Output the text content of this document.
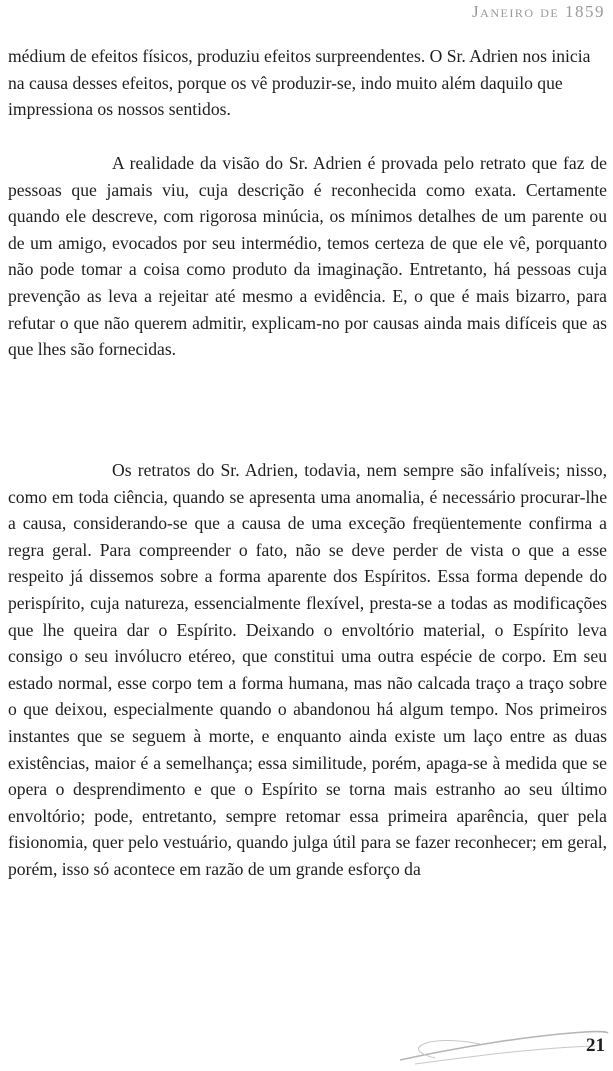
Janeiro de 1859
médium de efeitos físicos, produziu efeitos surpreendentes. O Sr. Adrien nos inicia na causa desses efeitos, porque os vê produzir-se, indo muito além daquilo que impressiona os nossos sentidos.
A realidade da visão do Sr. Adrien é provada pelo retrato que faz de pessoas que jamais viu, cuja descrição é reconhecida como exata. Certamente quando ele descreve, com rigorosa minúcia, os mínimos detalhes de um parente ou de um amigo, evocados por seu intermédio, temos certeza de que ele vê, porquanto não pode tomar a coisa como produto da imaginação. Entretanto, há pessoas cuja prevenção as leva a rejeitar até mesmo a evidência. E, o que é mais bizarro, para refutar o que não querem admitir, explicam-no por causas ainda mais difíceis que as que lhes são fornecidas.
Os retratos do Sr. Adrien, todavia, nem sempre são infalíveis; nisso, como em toda ciência, quando se apresenta uma anomalia, é necessário procurar-lhe a causa, considerando-se que a causa de uma exceção freqüentemente confirma a regra geral. Para compreender o fato, não se deve perder de vista o que a esse respeito já dissemos sobre a forma aparente dos Espíritos. Essa forma depende do perispírito, cuja natureza, essencialmente flexível, presta-se a todas as modificações que lhe queira dar o Espírito. Deixando o envoltório material, o Espírito leva consigo o seu invólucro etéreo, que constitui uma outra espécie de corpo. Em seu estado normal, esse corpo tem a forma humana, mas não calcada traço a traço sobre o que deixou, especialmente quando o abandonou há algum tempo. Nos primeiros instantes que se seguem à morte, e enquanto ainda existe um laço entre as duas existências, maior é a semelhança; essa similitude, porém, apaga-se à medida que se opera o desprendimento e que o Espírito se torna mais estranho ao seu último envoltório; pode, entretanto, sempre retomar essa primeira aparência, quer pela fisionomia, quer pelo vestuário, quando julga útil para se fazer reconhecer; em geral, porém, isso só acontece em razão de um grande esforço da
21
